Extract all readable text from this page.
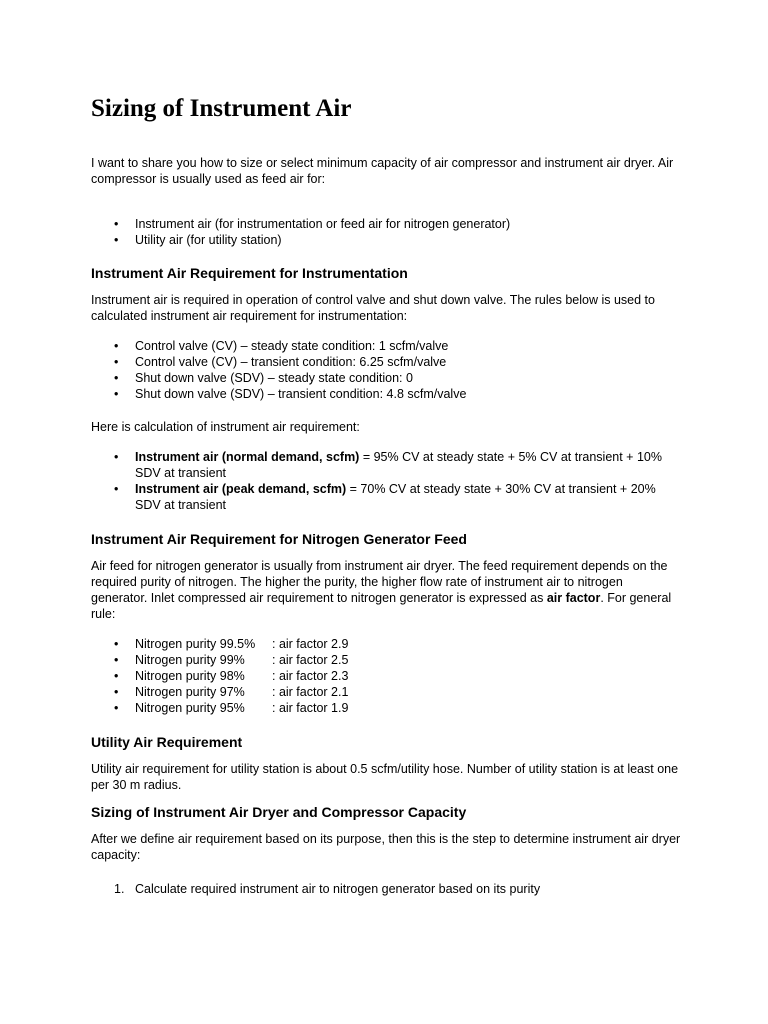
Sizing of Instrument Air

I want to share you how to size or select minimum capacity of air compressor and instrument air dryer. Air compressor is usually used as feed air for:

• Instrument air (for instrumentation or feed air for nitrogen generator)
• Utility air (for utility station)
Instrument Air Requirement for Instrumentation

Instrument air is required in operation of control valve and shut down valve. The rules below is used to calculated instrument air requirement for instrumentation:

• Control valve (CV) – steady state condition: 1 scfm/valve
• Control valve (CV) – transient condition: 6.25 scfm/valve
• Shut down valve (SDV) – steady state condition: 0
• Shut down valve (SDV) – transient condition: 4.8 scfm/valve

Here is calculation of instrument air requirement:

• Instrument air (normal demand, scfm) = 95% CV at steady state + 5% CV at transient + 10% SDV at transient
• Instrument air (peak demand, scfm) = 70% CV at steady state + 30% CV at transient + 20% SDV at transient
Instrument Air Requirement for Nitrogen Generator Feed

Air feed for nitrogen generator is usually from instrument air dryer. The feed requirement depends on the required purity of nitrogen. The higher the purity, the higher flow rate of instrument air to nitrogen generator. Inlet compressed air requirement to nitrogen generator is expressed as air factor. For general rule:

• Nitrogen purity 99.5% : air factor 2.9
• Nitrogen purity 99% : air factor 2.5
• Nitrogen purity 98% : air factor 2.3
• Nitrogen purity 97% : air factor 2.1
• Nitrogen purity 95% : air factor 1.9
Utility Air Requirement

Utility air requirement for utility station is about 0.5 scfm/utility hose. Number of utility station is at least one per 30 m radius.

Sizing of Instrument Air Dryer and Compressor Capacity

After we define air requirement based on its purpose, then this is the step to determine instrument air dryer capacity:

1. Calculate required instrument air to nitrogen generator based on its purity
